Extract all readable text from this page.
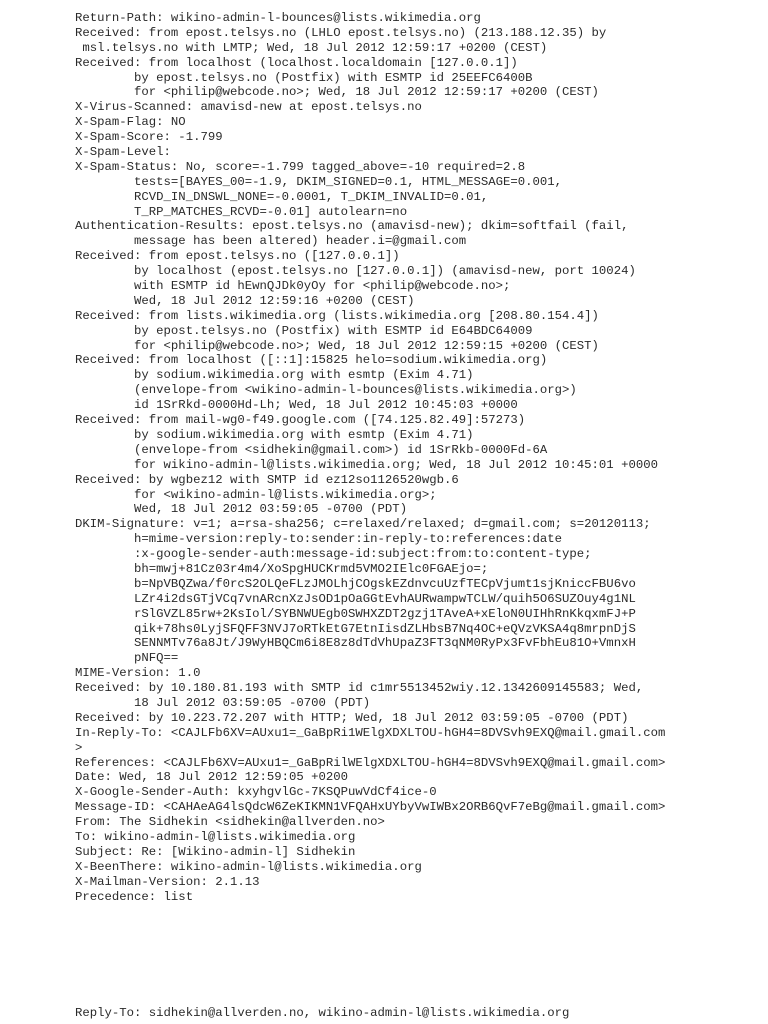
Return-Path: wikino-admin-l-bounces@lists.wikimedia.org
Received: from epost.telsys.no (LHLO epost.telsys.no) (213.188.12.35) by
msl.telsys.no with LMTP; Wed, 18 Jul 2012 12:59:17 +0200 (CEST)
Received: from localhost (localhost.localdomain [127.0.0.1])
by epost.telsys.no (Postfix) with ESMTP id 25EEFC6400B
for <philip@webcode.no>; Wed, 18 Jul 2012 12:59:17 +0200 (CEST)
X-Virus-Scanned: amavisd-new at epost.telsys.no
X-Spam-Flag: NO
X-Spam-Score: -1.799
X-Spam-Level:
X-Spam-Status: No, score=-1.799 tagged_above=-10 required=2.8
tests=[BAYES_00=-1.9, DKIM_SIGNED=0.1, HTML_MESSAGE=0.001,
RCVD_IN_DNSWL_NONE=-0.0001, T_DKIM_INVALID=0.01,
T_RP_MATCHES_RCVD=-0.01] autolearn=no
Authentication-Results: epost.telsys.no (amavisd-new); dkim=softfail (fail,
message has been altered) header.i=@gmail.com
Received: from epost.telsys.no ([127.0.0.1])
by localhost (epost.telsys.no [127.0.0.1]) (amavisd-new, port 10024)
with ESMTP id hEwnQJDk0yOy for <philip@webcode.no>;
Wed, 18 Jul 2012 12:59:16 +0200 (CEST)
Received: from lists.wikimedia.org (lists.wikimedia.org [208.80.154.4])
by epost.telsys.no (Postfix) with ESMTP id E64BDC64009
for <philip@webcode.no>; Wed, 18 Jul 2012 12:59:15 +0200 (CEST)
Received: from localhost ([::1]:15825 helo=sodium.wikimedia.org)
by sodium.wikimedia.org with esmtp (Exim 4.71)
(envelope-from <wikino-admin-l-bounces@lists.wikimedia.org>)
id 1SrRkd-0000Hd-Lh; Wed, 18 Jul 2012 10:45:03 +0000
Received: from mail-wg0-f49.google.com ([74.125.82.49]:57273)
by sodium.wikimedia.org with esmtp (Exim 4.71)
(envelope-from <sidhekin@gmail.com>) id 1SrRkb-0000Fd-6A
for wikino-admin-l@lists.wikimedia.org; Wed, 18 Jul 2012 10:45:01 +0000
Received: by wgbez12 with SMTP id ez12so1126520wgb.6
for <wikino-admin-l@lists.wikimedia.org>;
Wed, 18 Jul 2012 03:59:05 -0700 (PDT)
DKIM-Signature: v=1; a=rsa-sha256; c=relaxed/relaxed; d=gmail.com; s=20120113;
h=mime-version:reply-to:sender:in-reply-to:references:date
:x-google-sender-auth:message-id:subject:from:to:content-type;
bh=mwj+81Cz03r4m4/XoSpgHUCKrmd5VMO2IElc0FGAEjo=;
b=NpVBQZwa/f0rcS2OLQeFLzJMOLhjCOgskEZdnvcuUzfTECpVjumt1sjKniccFBU6vo
LZr4i2dsGTjVCq7vnARcnXzJsOD1pOaGGtEvhAURwampwTCLW/quih5O6SUZOuy4g1NL
rSlGVZL85rw+2KsIol/SYBNWUEgb0SWHXZDT2gzj1TAveA+xEloN0UIHhRnKkqxmFJ+P
qik+78hs0LyjSFQFF3NVJ7oRTkEtG7EtnIisdZLHbsB7Nq4OC+eQVzVKSA4q8mrpnDjS
SENNMTv76a8Jt/J9WyHBQCm6i8E8z8dTdVhUpaZ3FT3qNM0RyPx3FvFbhEu81O+VmnxH
pNFQ==
MIME-Version: 1.0
Received: by 10.180.81.193 with SMTP id c1mr5513452wiy.12.1342609145583; Wed,
18 Jul 2012 03:59:05 -0700 (PDT)
Received: by 10.223.72.207 with HTTP; Wed, 18 Jul 2012 03:59:05 -0700 (PDT)
In-Reply-To: <CAJLFb6XV=AUxu1=_GaBpRi1WElgXDXLTOU-hGH4=8DVSvh9EXQ@mail.gmail.com
>
References: <CAJLFb6XV=AUxu1=_GaBpRilWElgXDXLTOU-hGH4=8DVSvh9EXQ@mail.gmail.com>
Date: Wed, 18 Jul 2012 12:59:05 +0200
X-Google-Sender-Auth: kxyhgvlGc-7KSQPuwVdCf4ice-0
Message-ID: <CAHAeAG4lsQdcW6ZeKIKMN1VFQAHxUYbyVwIWBx2ORB6QvF7eBg@mail.gmail.com>
From: The Sidhekin <sidhekin@allverden.no>
To: wikino-admin-l@lists.wikimedia.org
Subject: Re: [Wikino-admin-l] Sidhekin
X-BeenThere: wikino-admin-l@lists.wikimedia.org
X-Mailman-Version: 2.1.13
Precedence: list
Reply-To: sidhekin@allverden.no, wikino-admin-l@lists.wikimedia.org
